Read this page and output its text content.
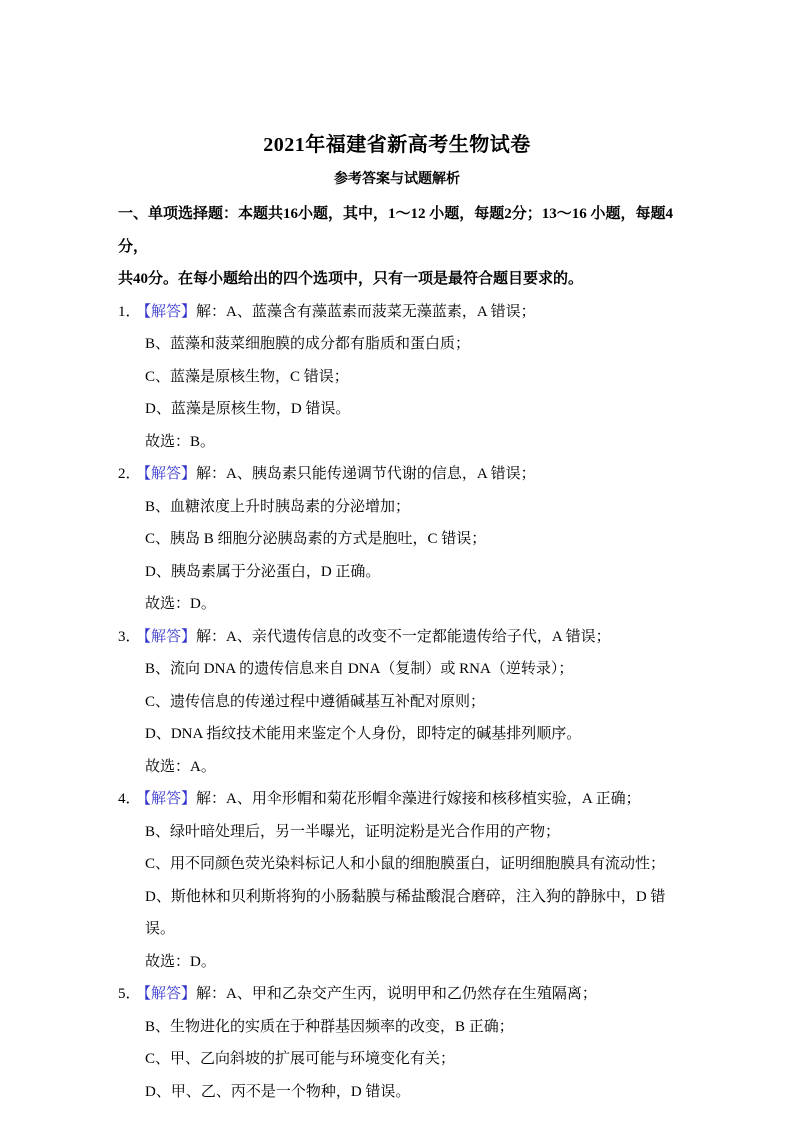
2021年福建省新高考生物试卷
参考答案与试题解析
一、单项选择题：本题共16小题，其中，1～12 小题，每题2分；13～16 小题，每题4分，
共40分。在每小题给出的四个选项中，只有一项是最符合题目要求的。
1． 【解答】解：A、蓝藻含有藻蓝素而菠菜无藻蓝素，A 错误；
B、蓝藻和菠菜细胞膜的成分都有脂质和蛋白质；
C、蓝藻是原核生物，C 错误；
D、蓝藻是原核生物，D 错误。
故选：B。
2． 【解答】解：A、胰岛素只能传递调节代谢的信息，A 错误；
B、血糖浓度上升时胰岛素的分泌增加；
C、胰岛 B 细胞分泌胰岛素的方式是胞吐，C 错误；
D、胰岛素属于分泌蛋白，D 正确。
故选：D。
3． 【解答】解：A、亲代遗传信息的改变不一定都能遗传给子代，A 错误；
B、流向 DNA 的遗传信息来自 DNA（复制）或 RNA（逆转录）；
C、遗传信息的传递过程中遵循碱基互补配对原则；
D、DNA 指纹技术能用来鉴定个人身份，即特定的碱基排列顺序。
故选：A。
4． 【解答】解：A、用伞形帽和菊花形帽伞藻进行嫁接和核移植实验，A 正确；
B、绿叶暗处理后，另一半曝光，证明淀粉是光合作用的产物；
C、用不同颜色荧光染料标记人和小鼠的细胞膜蛋白，证明细胞膜具有流动性；
D、斯他林和贝利斯将狗的小肠黏膜与稀盐酸混合磨碎，注入狗的静脉中，D 错误。
故选：D。
5． 【解答】解：A、甲和乙杂交产生丙，说明甲和乙仍然存在生殖隔离；
B、生物进化的实质在于种群基因频率的改变，B 正确；
C、甲、乙向斜坡的扩展可能与环境变化有关；
D、甲、乙、丙不是一个物种，D 错误。
